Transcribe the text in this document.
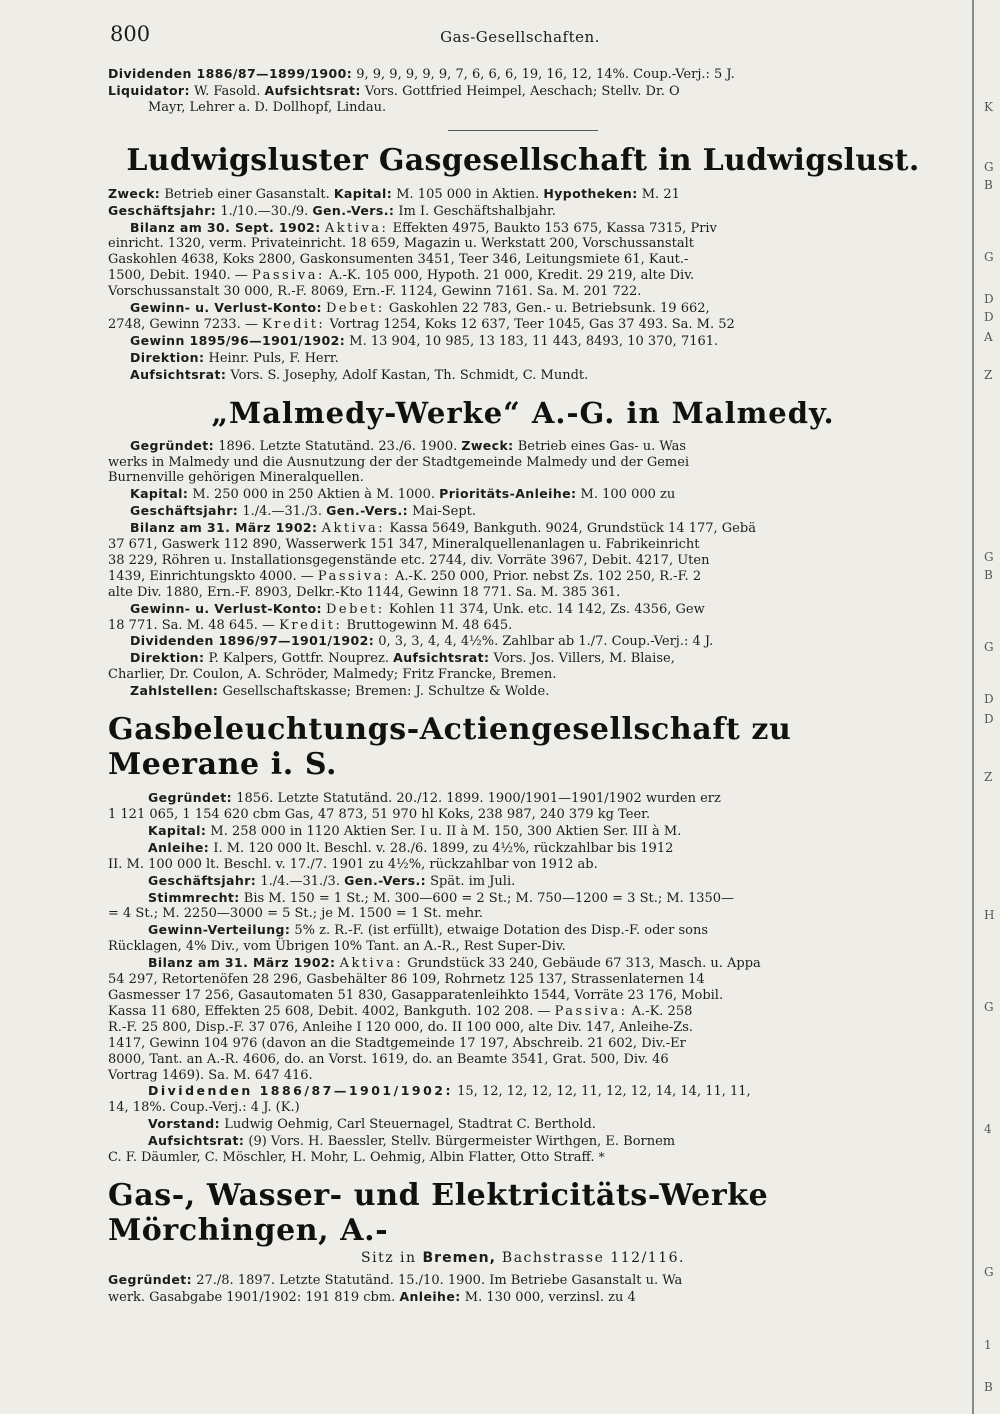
800	Gas-Gesellschaften.

Dividenden 1886/87—1899/1900: 9, 9, 9, 9, 9, 9, 7, 6, 6, 6, 19, 16, 12, 14%. Coup.-Verj.: 5 J.

Liquidator: W. Fasold. Aufsichtsrat: Vors. Gottfried Heimpel, Aeschach; Stellv. Dr. O

Mayr, Lehrer a. D. Dollhopf, Lindau.

Ludwigsluster Gasgesellschaft in Ludwigslust.

Zweck: Betrieb einer Gasanstalt. Kapital: M. 105 000 in Aktien. Hypotheken: M. 21

Geschäftsjahr: 1./10.—30./9. Gen.-Vers.: Im I. Geschäftshalbjahr.

Bilanz am 30. Sept. 1902: Aktiva: Effekten 4975, Baukto 153 675, Kassa 7315, Priv

einricht. 1320, verm. Privateinricht. 18 659, Magazin u. Werkstatt 200, Vorschussanstalt

Gaskohlen 4638, Koks 2800, Gaskonsumenten 3451, Teer 346, Leitungsmiete 61, Kaut.-

1500, Debit. 1940. — Passiva: A.-K. 105 000, Hypoth. 21 000, Kredit. 29 219, alte Div.

Vorschussanstalt 30 000, R.-F. 8069, Ern.-F. 1124, Gewinn 7161. Sa. M. 201 722.

Gewinn- u. Verlust-Konto: Debet: Gaskohlen 22 783, Gen.- u. Betriebsunk. 19 662,

2748, Gewinn 7233. — Kredit: Vortrag 1254, Koks 12 637, Teer 1045, Gas 37 493. Sa. M. 52

Gewinn 1895/96—1901/1902: M. 13 904, 10 985, 13 183, 11 443, 8493, 10 370, 7161.

Direktion: Heinr. Puls, F. Herr.

Aufsichtsrat: Vors. S. Josephy, Adolf Kastan, Th. Schmidt, C. Mundt.

„Malmedy-Werke“ A.-G. in Malmedy.

Gegründet: 1896. Letzte Statutänd. 23./6. 1900. Zweck: Betrieb eines Gas- u. Was

werks in Malmedy und die Ausnutzung der der Stadtgemeinde Malmedy und der Gemei

Burnenville gehörigen Mineralquellen.

Kapital: M. 250 000 in 250 Aktien à M. 1000. Prioritäts-Anleihe: M. 100 000 zu

Geschäftsjahr: 1./4.—31./3. Gen.-Vers.: Mai-Sept.

Bilanz am 31. März 1902: Aktiva: Kassa 5649, Bankguth. 9024, Grundstück 14 177, Gebä

37 671, Gaswerk 112 890, Wasserwerk 151 347, Mineralquellenanlagen u. Fabrikeinricht

38 229, Röhren u. Installationsgegenstände etc. 2744, div. Vorräte 3967, Debit. 4217, Uten

1439, Einrichtungskto 4000. — Passiva: A.-K. 250 000, Prior. nebst Zs. 102 250, R.-F. 2

alte Div. 1880, Ern.-F. 8903, Delkr.-Kto 1144, Gewinn 18 771. Sa. M. 385 361.

Gewinn- u. Verlust-Konto: Debet: Kohlen 11 374, Unk. etc. 14 142, Zs. 4356, Gew

18 771. Sa. M. 48 645. — Kredit: Bruttogewinn M. 48 645.

Dividenden 1896/97—1901/1902: 0, 3, 3, 4, 4, 4½%. Zahlbar ab 1./7. Coup.-Verj.: 4 J.

Direktion: P. Kalpers, Gottfr. Nouprez. Aufsichtsrat: Vors. Jos. Villers, M. Blaise,

Charlier, Dr. Coulon, A. Schröder, Malmedy; Fritz Francke, Bremen.

Zahlstellen: Gesellschaftskasse; Bremen: J. Schultze & Wolde.

Gasbeleuchtungs-Actiengesellschaft zu Meerane i. S.

Gegründet: 1856. Letzte Statutänd. 20./12. 1899. 1900/1901—1901/1902 wurden erz

1 121 065, 1 154 620 cbm Gas, 47 873, 51 970 hl Koks, 238 987, 240 379 kg Teer.

Kapital: M. 258 000 in 1120 Aktien Ser. I u. II à M. 150, 300 Aktien Ser. III à M.

Anleihe: I. M. 120 000 lt. Beschl. v. 28./6. 1899, zu 4½%, rückzahlbar bis 1912

II. M. 100 000 lt. Beschl. v. 17./7. 1901 zu 4½%, rückzahlbar von 1912 ab.

Geschäftsjahr: 1./4.—31./3. Gen.-Vers.: Spät. im Juli.

Stimmrecht: Bis M. 150 = 1 St.; M. 300—600 = 2 St.; M. 750—1200 = 3 St.; M. 1350—

= 4 St.; M. 2250—3000 = 5 St.; je M. 1500 = 1 St. mehr.

Gewinn-Verteilung: 5% z. R.-F. (ist erfüllt), etwaige Dotation des Disp.-F. oder sons

Rücklagen, 4% Div., vom Übrigen 10% Tant. an A.-R., Rest Super-Div.

Bilanz am 31. März 1902: Aktiva: Grundstück 33 240, Gebäude 67 313, Masch. u. Appa

54 297, Retortenöfen 28 296, Gasbehälter 86 109, Rohrnetz 125 137, Strassenlaternen 14

Gasmesser 17 256, Gasautomaten 51 830, Gasapparatenleihkto 1544, Vorräte 23 176, Mobil.

Kassa 11 680, Effekten 25 608, Debit. 4002, Bankguth. 102 208. — Passiva: A.-K. 258

R.-F. 25 800, Disp.-F. 37 076, Anleihe I 120 000, do. II 100 000, alte Div. 147, Anleihe-Zs.

1417, Gewinn 104 976 (davon an die Stadtgemeinde 17 197, Abschreib. 21 602, Div.-Er

8000, Tant. an A.-R. 4606, do. an Vorst. 1619, do. an Beamte 3541, Grat. 500, Div. 46

Vortrag 1469). Sa. M. 647 416.

Dividenden 1886/87—1901/1902: 15, 12, 12, 12, 12, 11, 12, 12, 14, 14, 11, 11,

14, 18%. Coup.-Verj.: 4 J. (K.)

Vorstand: Ludwig Oehmig, Carl Steuernagel, Stadtrat C. Berthold.

Aufsichtsrat: (9) Vors. H. Baessler, Stellv. Bürgermeister Wirthgen, E. Bornem

C. F. Däumler, C. Möschler, H. Mohr, L. Oehmig, Albin Flatter, Otto Straff. *

Gas-, Wasser- und Elektricitäts-Werke Mörchingen, A.-
Sitz in Bremen, Bachstrasse 112/116.

Gegründet: 27./8. 1897. Letzte Statutänd. 15./10. 1900. Im Betriebe Gasanstalt u. Wa

werk. Gasabgabe 1901/1902: 191 819 cbm. Anleihe: M. 130 000, verzinsl. zu 4

K
G
B
G
D
D
A
Z
G
B
G
D
D
Z
H
G
4
G
1
B
